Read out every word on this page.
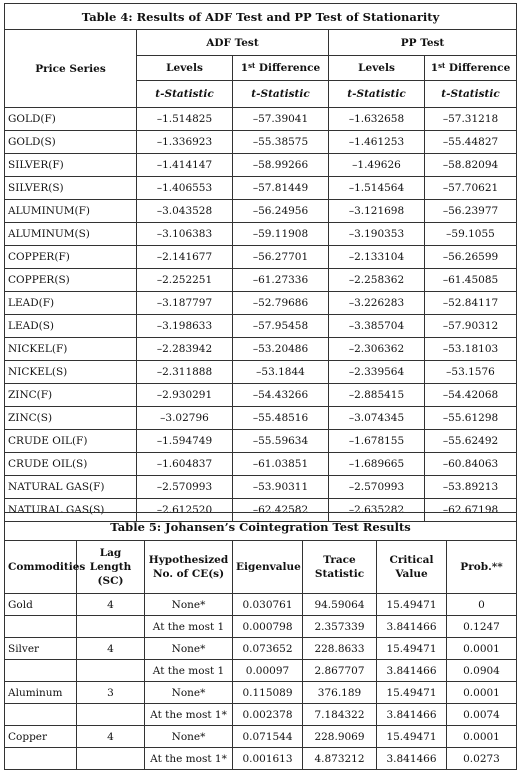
Table 4: Results of ADF Test and PP Test of Stationarity				
Price Series	ADF Test		PP Test	
	Levels	1st Difference	Levels	1st Difference
	t-Statistic	t-Statistic	t-Statistic	t-Statistic
GOLD(F)	–1.514825	–57.39041	–1.632658	–57.31218
GOLD(S)	–1.336923	–55.38575	–1.461253	–55.44827
SILVER(F)	–1.414147	–58.99266	–1.49626	–58.82094
SILVER(S)	–1.406553	–57.81449	–1.514564	–57.70621
ALUMINUM(F)	–3.043528	–56.24956	–3.121698	–56.23977
ALUMINUM(S)	–3.106383	–59.11908	–3.190353	–59.1055
COPPER(F)	–2.141677	–56.27701	–2.133104	–56.26599
COPPER(S)	–2.252251	–61.27336	–2.258362	–61.45085
LEAD(F)	–3.187797	–52.79686	–3.226283	–52.84117
LEAD(S)	–3.198633	–57.95458	–3.385704	–57.90312
NICKEL(F)	–2.283942	–53.20486	–2.306362	–53.18103
NICKEL(S)	–2.311888	–53.1844	–2.339564	–53.1576
ZINC(F)	–2.930291	–54.43266	–2.885415	–54.42068
ZINC(S)	–3.02796	–55.48516	–3.074345	–55.61298
CRUDE OIL(F)	–1.594749	–55.59634	–1.678155	–55.62492
CRUDE OIL(S)	–1.604837	–61.03851	–1.689665	–60.84063
NATURAL GAS(F)	–2.570993	–53.90311	–2.570993	–53.89213
NATURAL GAS(S)	–2.612520	–62.42582	–2.635282	–62.67198
Table 5: Johansen’s Cointegration Test Results						
Commodities	Lag Length (SC)	Hypothesized No. of CE(s)	Eigenvalue	Trace Statistic	Critical Value	Prob.**
Gold	4	None*	0.030761	94.59064	15.49471	0
		At the most 1	0.000798	2.357339	3.841466	0.1247
Silver	4	None*	0.073652	228.8633	15.49471	0.0001
		At the most 1	0.00097	2.867707	3.841466	0.0904
Aluminum	3	None*	0.115089	376.189	15.49471	0.0001
		At the most 1*	0.002378	7.184322	3.841466	0.0074
Copper	4	None*	0.071544	228.9069	15.49471	0.0001
		At the most 1*	0.001613	4.873212	3.841466	0.0273
